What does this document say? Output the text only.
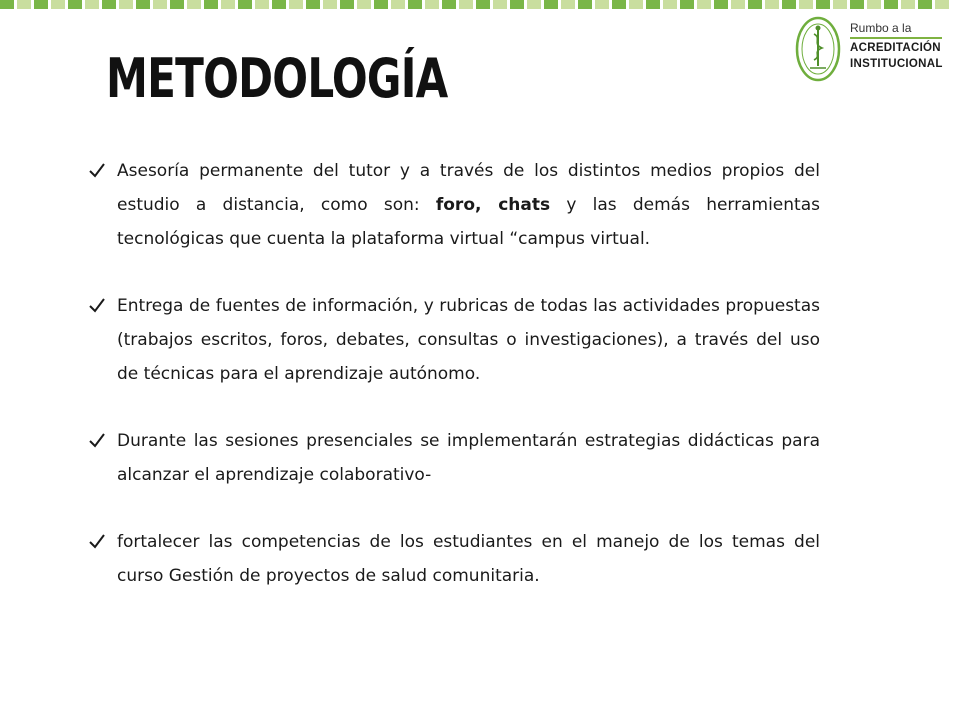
METODOLOGÍA
Rumbo a la
ACREDITACIÓN
INSTITUCIONAL
Asesoría permanente del tutor y a través de los distintos medios propios del estudio a distancia, como son: foro, chats y las demás herramientas tecnológicas que cuenta la plataforma virtual “campus virtual.
Entrega de fuentes de información, y rubricas de todas las actividades propuestas (trabajos escritos, foros, debates, consultas o investigaciones), a través del uso de técnicas para el aprendizaje autónomo.
Durante las sesiones presenciales se implementarán estrategias didácticas para alcanzar el aprendizaje colaborativo-
fortalecer las competencias de los estudiantes en el manejo de los temas del curso Gestión de proyectos de salud comunitaria.
